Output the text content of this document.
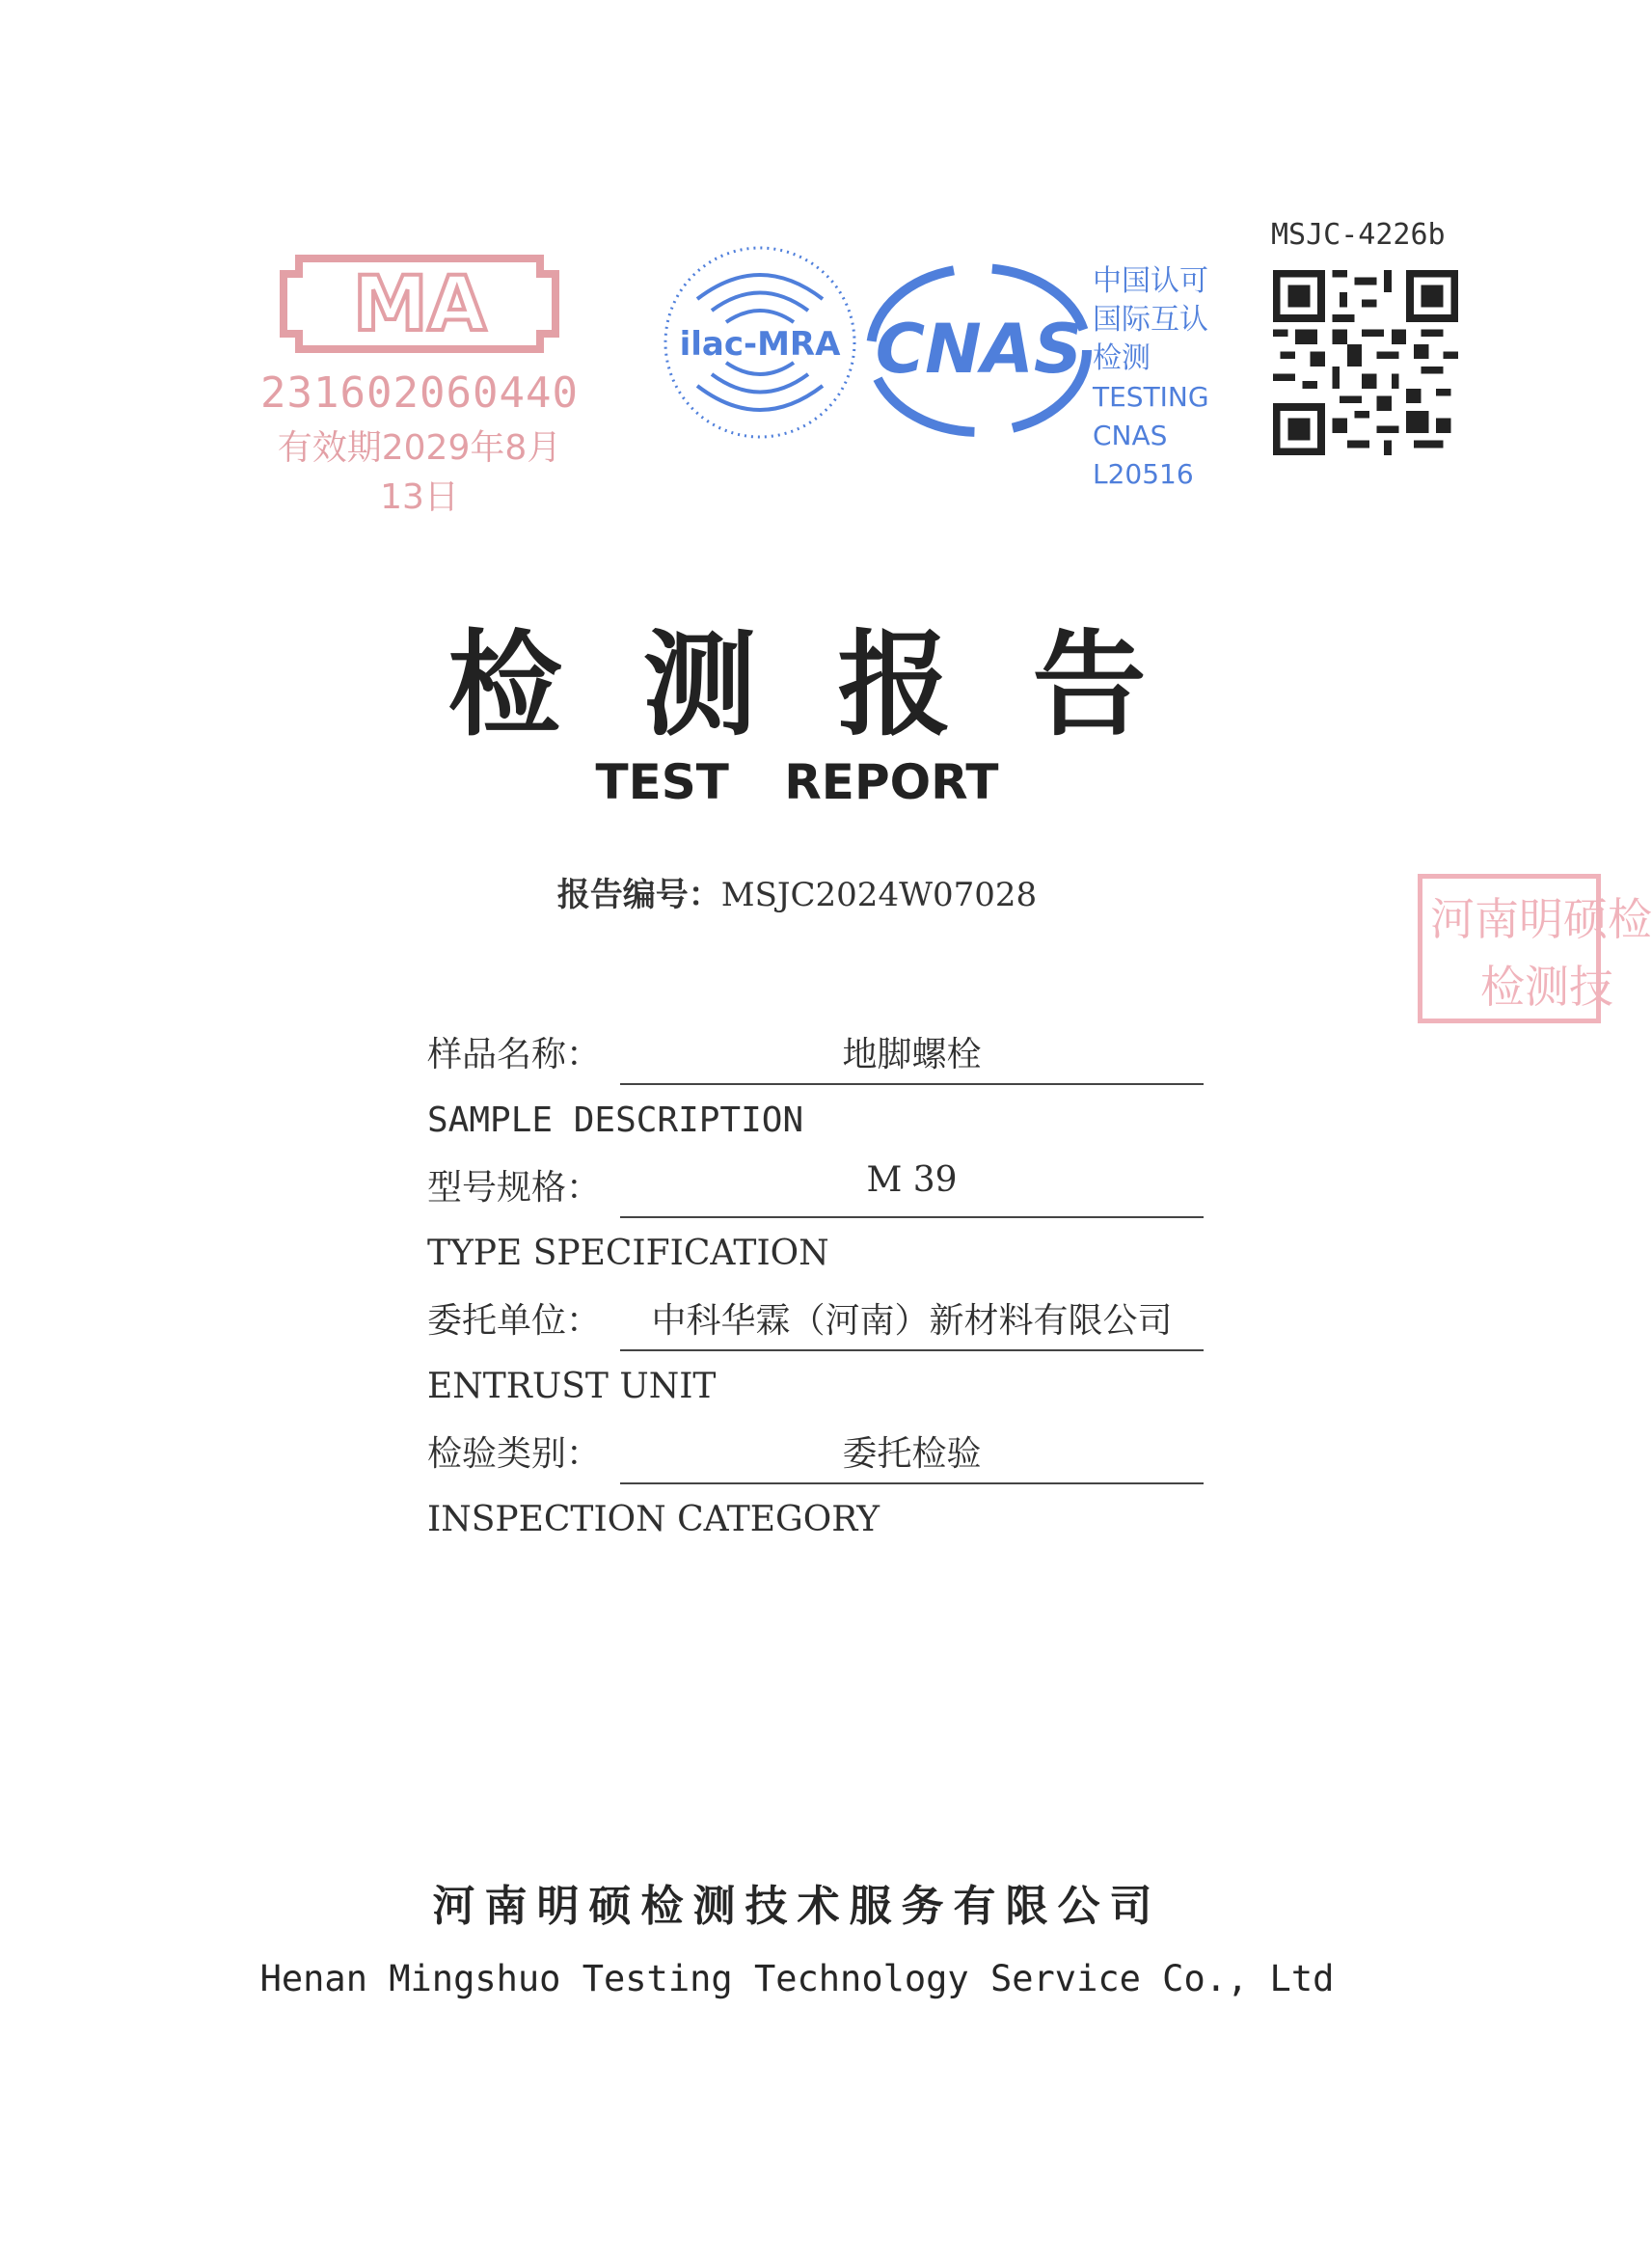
MA
231602060440
有效期2029年8月13日
ilac-MRA CNAS
中国认可
国际互认
检测
TESTING
CNAS L20516
MSJC-4226b
检测报告
TEST REPORT
报告编号：MSJC2024W07028	河南明硕检
检测技
样品名称：	地脚螺栓
SAMPLE DESCRIPTION
型号规格：	M 39
TYPE SPECIFICATION
委托单位：	中科华霖（河南）新材料有限公司
ENTRUST UNIT
检验类别：	委托检验
INSPECTION CATEGORY
河南明硕检测技术服务有限公司
Henan Mingshuo Testing Technology Service Co., Ltd
